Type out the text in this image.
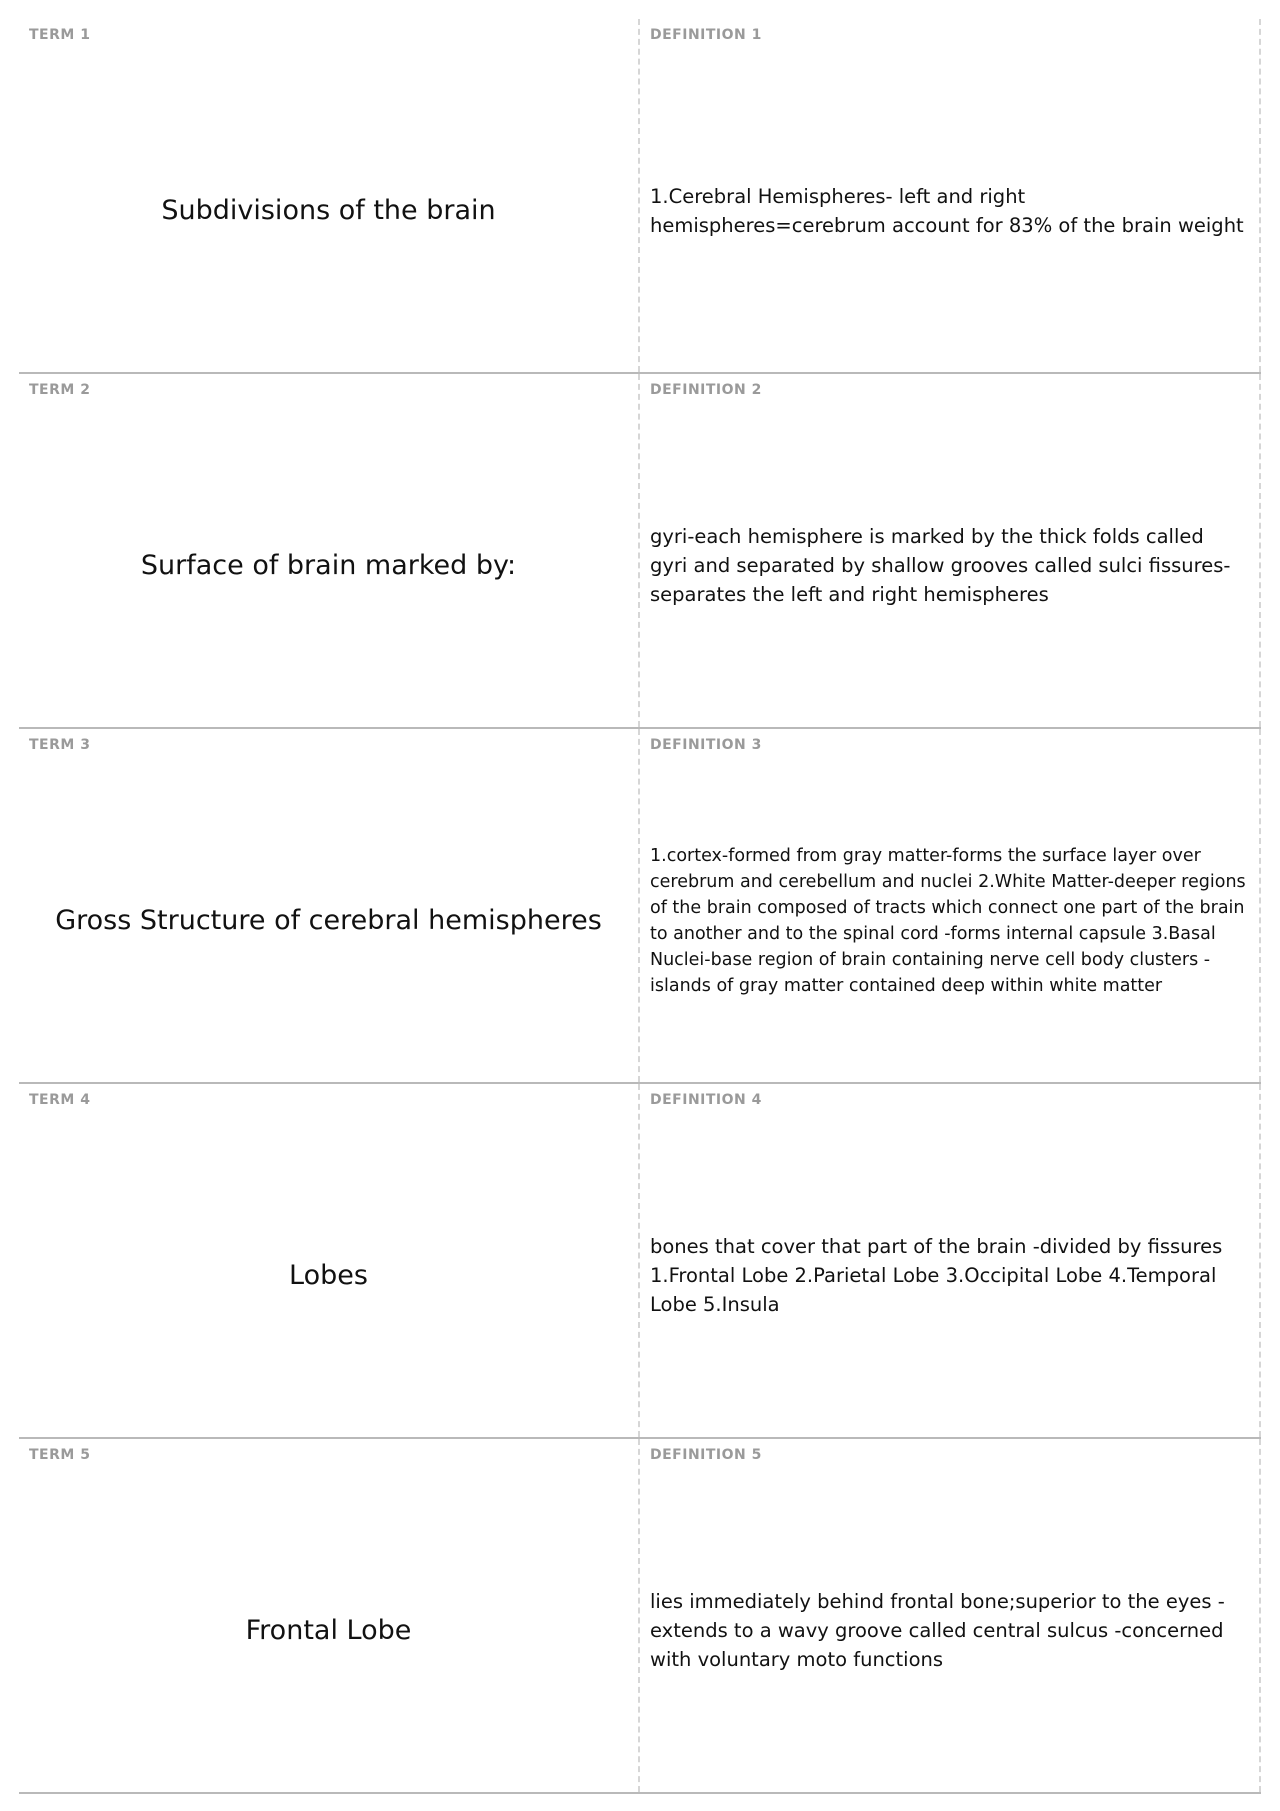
TERM 1
Subdivisions of the brain
DEFINITION 1
1.Cerebral Hemispheres- left and right hemispheres=cerebrum account for 83% of the brain weight
TERM 2
Surface of brain marked by:
DEFINITION 2
gyri-each hemisphere is marked by the thick folds called gyri and separated by shallow grooves called sulci fissures- separates the left and right hemispheres
TERM 3
Gross Structure of cerebral hemispheres
DEFINITION 3
1.cortex-formed from gray matter-forms the surface layer over cerebrum and cerebellum and nuclei 2.White Matter-deeper regions of the brain composed of tracts which connect one part of the brain to another and to the spinal cord -forms internal capsule 3.Basal Nuclei-base region of brain containing nerve cell body clusters -islands of gray matter contained deep within white matter
TERM 4
Lobes
DEFINITION 4
bones that cover that part of the brain -divided by fissures 1.Frontal Lobe 2.Parietal Lobe 3.Occipital Lobe 4.Temporal Lobe 5.Insula
TERM 5
Frontal Lobe
DEFINITION 5
lies immediately behind frontal bone;superior to the eyes -extends to a wavy groove called central sulcus -concerned with voluntary moto functions
